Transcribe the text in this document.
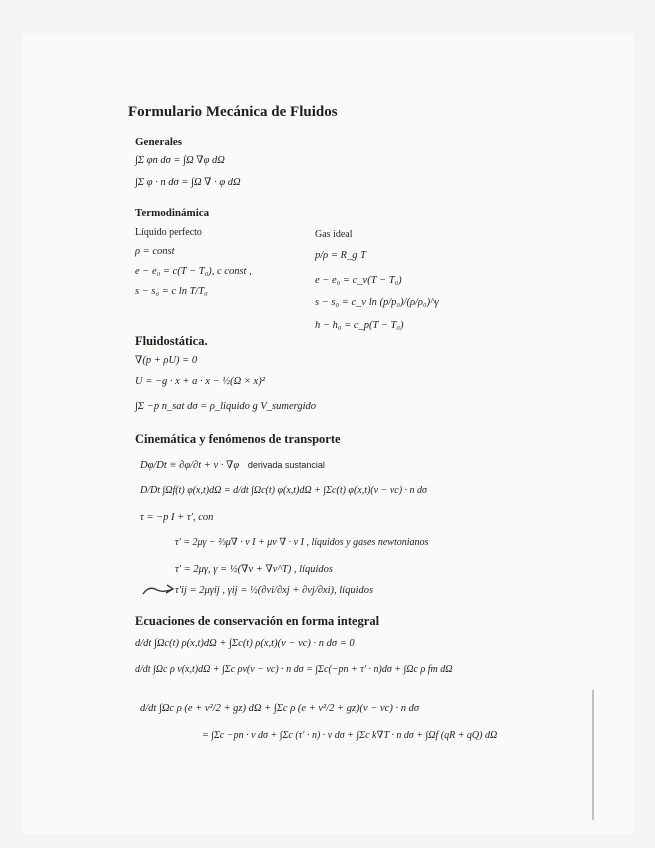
Formulario Mecánica de Fluidos
Generales
∫Σ φn dσ = ∫Ω ∇φ dΩ
∫Σ φ · n dσ = ∫Ω ∇ · φ dΩ
Termodinámica
Líquido perfecto
ρ = const
e − e₀ = c(T − T₀), c const ,
s − s₀ = c ln T/T₀
Gas ideal
p/ρ = R_g T
e − e₀ = c_v(T − T₀)
s − s₀ = c_v ln (p/p₀)/(ρ/ρ₀)^γ
h − h₀ = c_p(T − T₀)
Fluidostática.
∇(p + ρU) = 0
U = −g · x + a · x − ½(Ω × x)²
∫Σ −p n_sat dσ = ρ_liquido g V_sumergido
Cinemática y fenómenos de transporte
Dφ/Dt ≡ ∂φ/∂t + v · ∇φ derivada sustancial
D/Dt ∫Ωf(t) φ(x,t)dΩ = d/dt ∫Ωc(t) φ(x,t)dΩ + ∫Σc(t) φ(x,t)(v − vc) · n dσ
τ = −p I + τ′, con
τ′ = 2μγ − ⅔μ∇ · v I + μv ∇ · v I , líquidos y gases newtonianos
τ′ = 2μγ, γ = ½(∇v + ∇v^T) , líquidos
τ′ij = 2μγij , γij = ½(∂vi/∂xj + ∂vj/∂xi), líquidos
Ecuaciones de conservación en forma integral
d/dt ∫Ωc(t) ρ(x,t)dΩ + ∫Σc(t) ρ(x,t)(v − vc) · n dσ = 0
d/dt ∫Ωc ρ v(x,t)dΩ + ∫Σc ρv(v − vc) · n dσ = ∫Σc(−pn + τ′ · n)dσ + ∫Ωc ρ fm dΩ
d/dt ∫Ωc ρ (e + v²/2 + gz) dΩ + ∫Σc ρ (e + v²/2 + gz)(v − vc) · n dσ
= ∫Σc −pn · v dσ + ∫Σc (τ′ · n) · v dσ + ∫Σc k∇T · n dσ + ∫Ωf (qR + qQ) dΩ
